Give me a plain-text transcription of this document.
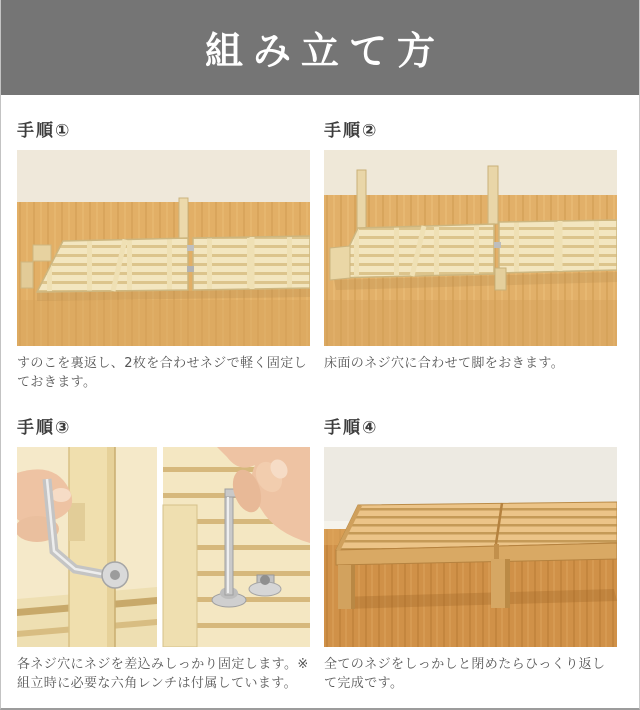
組み立て方
手順①

すのこを裏返し、2枚を合わせネジで軽く固定しておきます。

手順②

床面のネジ穴に合わせて脚をおきます。

手順③

各ネジ穴にネジを差込みしっかり固定します。※組立時に必要な六角レンチは付属しています。

手順④

全てのネジをしっかしと閉めたらひっくり返して完成です。
